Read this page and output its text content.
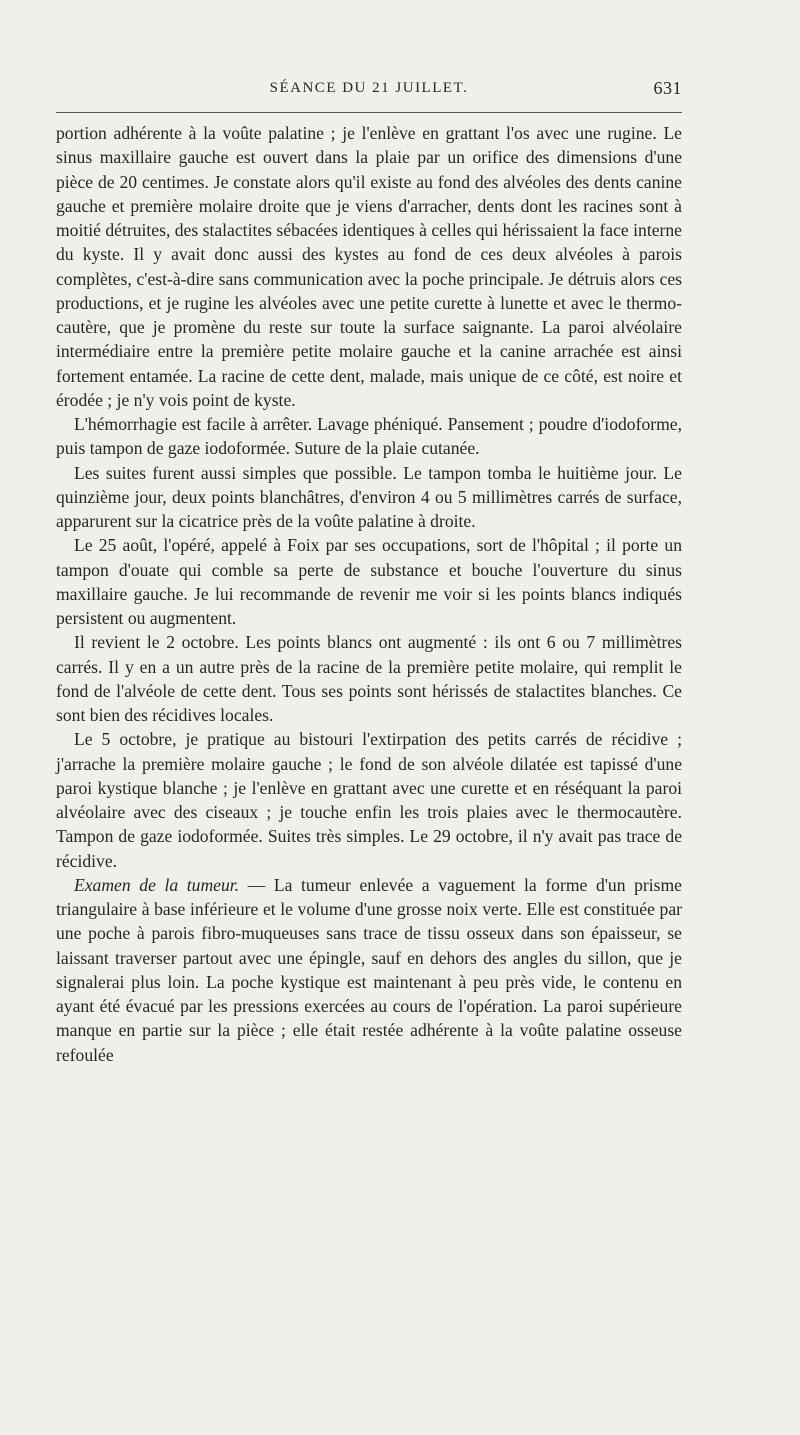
SÉANCE DU 21 JUILLET.	631

portion adhérente à la voûte palatine ; je l'enlève en grattant l'os avec une rugine. Le sinus maxillaire gauche est ouvert dans la plaie par un orifice des dimensions d'une pièce de 20 centimes. Je constate alors qu'il existe au fond des alvéoles des dents canine gauche et première molaire droite que je viens d'arracher, dents dont les racines sont à moitié détruites, des stalactites sébacées identiques à celles qui hérissaient la face interne du kyste. Il y avait donc aussi des kystes au fond de ces deux alvéoles à parois complètes, c'est-à-dire sans communication avec la poche principale. Je détruis alors ces productions, et je rugine les alvéoles avec une petite curette à lunette et avec le thermo-cautère, que je promène du reste sur toute la surface saignante. La paroi alvéolaire intermédiaire entre la première petite molaire gauche et la canine arrachée est ainsi fortement entamée. La racine de cette dent, malade, mais unique de ce côté, est noire et érodée ; je n'y vois point de kyste.

L'hémorrhagie est facile à arrêter. Lavage phéniqué. Pansement ; poudre d'iodoforme, puis tampon de gaze iodoformée. Suture de la plaie cutanée.

Les suites furent aussi simples que possible. Le tampon tomba le huitième jour. Le quinzième jour, deux points blanchâtres, d'environ 4 ou 5 millimètres carrés de surface, apparurent sur la cicatrice près de la voûte palatine à droite.

Le 25 août, l'opéré, appelé à Foix par ses occupations, sort de l'hôpital ; il porte un tampon d'ouate qui comble sa perte de substance et bouche l'ouverture du sinus maxillaire gauche. Je lui recommande de revenir me voir si les points blancs indiqués persistent ou augmentent.

Il revient le 2 octobre. Les points blancs ont augmenté : ils ont 6 ou 7 millimètres carrés. Il y en a un autre près de la racine de la première petite molaire, qui remplit le fond de l'alvéole de cette dent. Tous ses points sont hérissés de stalactites blanches. Ce sont bien des récidives locales.

Le 5 octobre, je pratique au bistouri l'extirpation des petits carrés de récidive ; j'arrache la première molaire gauche ; le fond de son alvéole dilatée est tapissé d'une paroi kystique blanche ; je l'enlève en grattant avec une curette et en réséquant la paroi alvéolaire avec des ciseaux ; je touche enfin les trois plaies avec le thermocautère. Tampon de gaze iodoformée. Suites très simples. Le 29 octobre, il n'y avait pas trace de récidive.

Examen de la tumeur. — La tumeur enlevée a vaguement la forme d'un prisme triangulaire à base inférieure et le volume d'une grosse noix verte. Elle est constituée par une poche à parois fibro-muqueuses sans trace de tissu osseux dans son épaisseur, se laissant traverser partout avec une épingle, sauf en dehors des angles du sillon, que je signalerai plus loin. La poche kystique est maintenant à peu près vide, le contenu en ayant été évacué par les pressions exercées au cours de l'opération. La paroi supérieure manque en partie sur la pièce ; elle était restée adhérente à la voûte palatine osseuse refoulée
